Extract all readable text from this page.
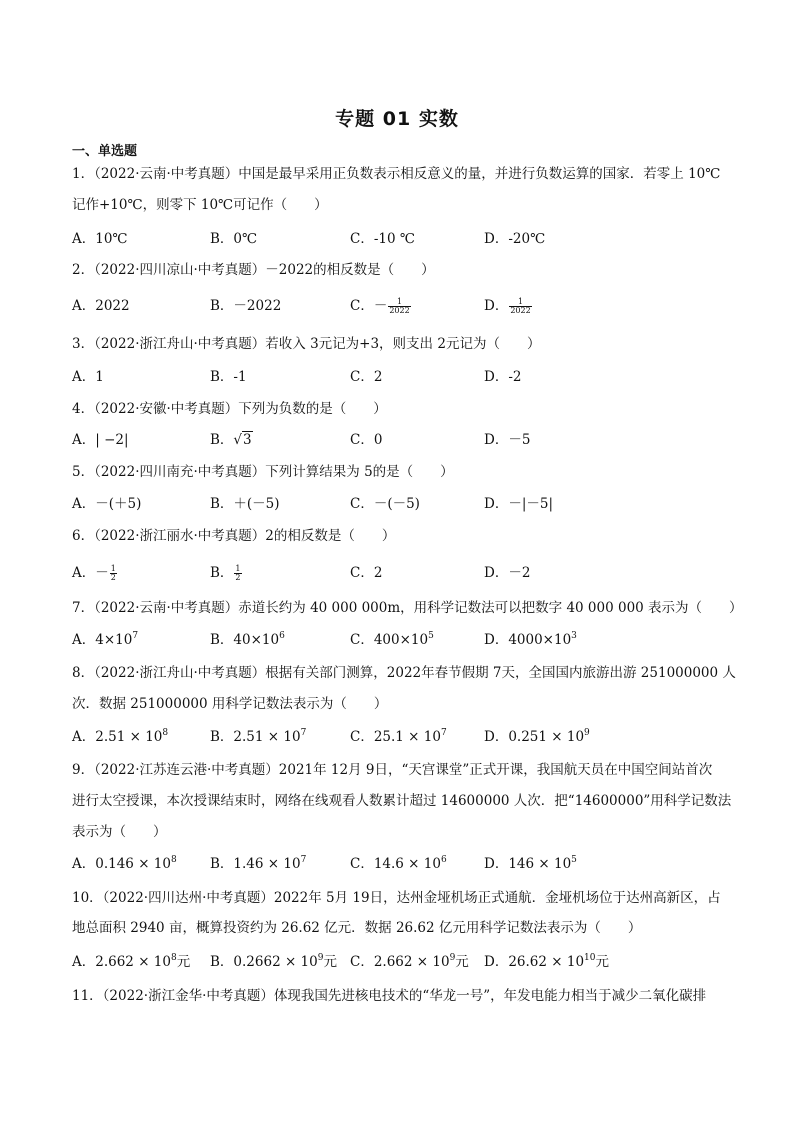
专题 01 实数
一、单选题
1．（2022·云南·中考真题）中国是最早采用正负数表示相反意义的量，并进行负数运算的国家．若零上 10℃
记作+10℃，则零下 10℃可记作（　　）
A．10℃	B．0℃	C．-10 ℃	D．-20℃
2．（2022·四川凉山·中考真题）－2022的相反数是（　　）
A．2022	B．－2022	C．－ $\frac{1}{2022}$	D． $\frac{1}{2022}$
3．（2022·浙江舟山·中考真题）若收入 3元记为+3，则支出 2元记为（　　）
A．1	B．-1	C．2	D．-2
4．（2022·安徽·中考真题）下列为负数的是（　　）
A．| −2|	B．√3	C．0	D．－5
5．（2022·四川南充·中考真题）下列计算结果为 5的是（　　）
A．－(＋5)	B．＋(－5)	C．－(－5)	D．－|－5|
6．（2022·浙江丽水·中考真题）2的相反数是（　　）
A．－ $\frac{1}{2}$	B． $\frac{1}{2}$	C．2	D．－2
7．（2022·云南·中考真题）赤道长约为 40 000 000m，用科学记数法可以把数字 40 000 000 表示为（　　）
A．$4\times 10^7$	B．$40\times 10^6$	C．$400\times 10^5$	D．$4000\times 10^3$
8．（2022·浙江舟山·中考真题）根据有关部门测算，2022年春节假期 7天，全国国内旅游出游 251000000 人
次．数据 251000000 用科学记数法表示为（　　）
A．$2.51 \times 10^8$	B．$2.51 \times 10^7$	C．$25.1 \times 10^7$	D．$0.251 \times 10^9$
9．（2022·江苏连云港·中考真题）2021年 12月 9日，“天宫课堂”正式开课，我国航天员在中国空间站首次
进行太空授课，本次授课结束时，网络在线观看人数累计超过 14600000 人次．把“14600000”用科学记数法
表示为（　　）
A．$0.146 \times 10^8$ B．$1.46 \times 10^7$	C．$14.6 \times 10^6$	D．$146 \times 10^5$
10．（2022·四川达州·中考真题）2022年 5月 19日，达州金垭机场正式通航．金垭机场位于达州高新区，占
地总面积 2940 亩，概算投资约为 26.62 亿元．数据 26.62 亿元用科学记数法表示为（　　）
A．$2.662 \times 10^8$元 B．$0.2662 \times 10^9$元 C．$2.662 \times 10^9$元 D．$26.62 \times 10^{10}$元
11．（2022·浙江金华·中考真题）体现我国先进核电技术的“华龙一号”，年发电能力相当于减少二氧化碳排
